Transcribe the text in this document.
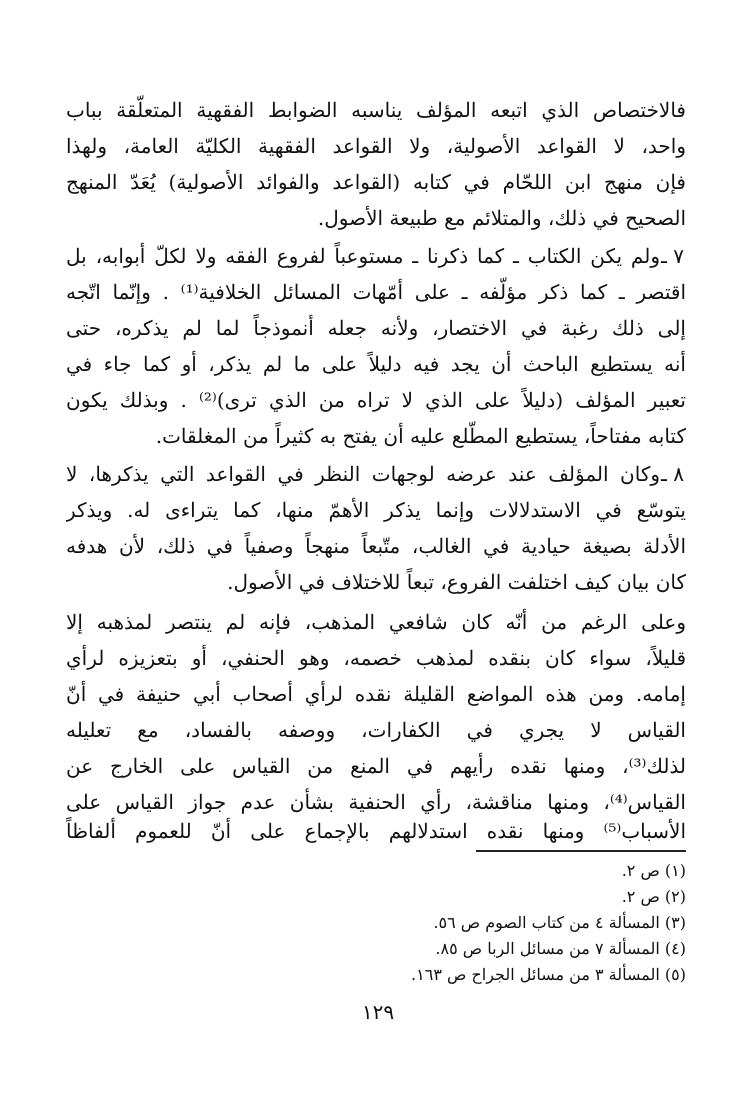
فالاختصاص الذي اتبعه المؤلف يناسبه الضوابط الفقهية المتعلّقة بباب
واحد، لا القواعد الأصولية، ولا القواعد الفقهية الكليّة العامة، ولهذا
فإن منهج ابن اللحّام في كتابه (القواعد والفوائد الأصولية) يُعَدّ المنهج
الصحيح في ذلك، والمتلائم مع طبيعة الأصول.
٧ ـ
ولم يكن الكتاب ـ كما ذكرنا ـ مستوعباً لفروع الفقه ولا لكلّ أبوابه، بل
اقتصر ـ كما ذكر مؤلّفه ـ على أمّهات المسائل الخلافية⁽¹⁾ . وإنّما اتّجه
إلى ذلك رغبة في الاختصار، ولأنه جعله أنموذجاً لما لم يذكره، حتى
أنه يستطيع الباحث أن يجد فيه دليلاً على ما لم يذكر، أو كما جاء في
تعبير المؤلف (دليلاً على الذي لا تراه من الذي ترى)⁽²⁾ . وبذلك يكون
كتابه مفتاحاً، يستطيع المطّلع عليه أن يفتح به كثيراً من المغلقات.
٨ ـ
وكان المؤلف عند عرضه لوجهات النظر في القواعد التي يذكرها، لا
يتوسّع في الاستدلالات وإنما يذكر الأهمّ منها، كما يتراءى له. ويذكر
الأدلة بصيغة حيادية في الغالب، متّبعاً منهجاً وصفياً في ذلك، لأن هدفه
كان بيان كيف اختلفت الفروع، تبعاً للاختلاف في الأصول.
وعلى الرغم من أنّه كان شافعي المذهب، فإنه لم ينتصر لمذهبه إلا
قليلاً، سواء كان بنقده لمذهب خصمه، وهو الحنفي، أو بتعزيزه لرأي
إمامه. ومن هذه المواضع القليلة نقده لرأي أصحاب أبي حنيفة في أنّ
القياس لا يجري في الكفارات، ووصفه بالفساد، مع تعليله
لذلك⁽³⁾، ومنها نقده رأيهم في المنع من القياس على الخارج عن
القياس⁽⁴⁾، ومنها مناقشة، رأي الحنفية بشأن عدم جواز القياس على
الأسباب⁽⁵⁾ ومنها نقده استدلالهم بالإجماع على أنّ للعموم ألفاظاً
(١) ص ٢.
(٢) ص ٢.
(٣) المسألة ٤ من كتاب الصوم ص ٥٦.
(٤) المسألة ٧ من مسائل الربا ص ٨٥.
(٥) المسألة ٣ من مسائل الجراح ص ١٦٣.
١٢٩
